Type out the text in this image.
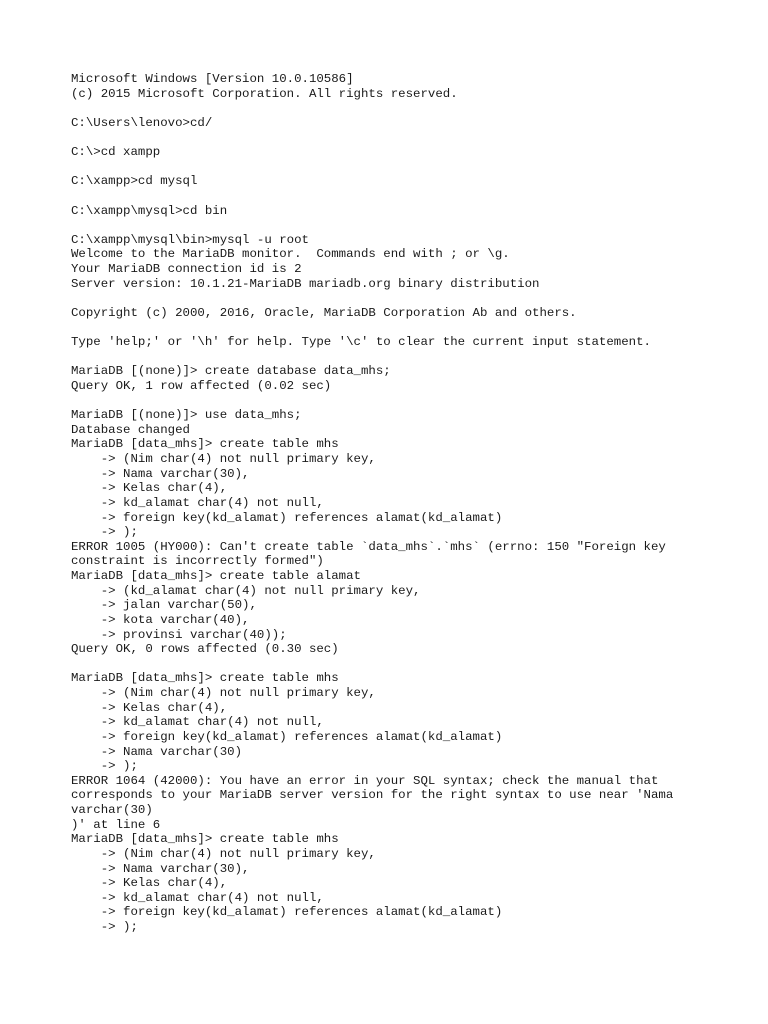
Microsoft Windows [Version 10.0.10586]
(c) 2015 Microsoft Corporation. All rights reserved.
C:\Users\lenovo>cd/
C:\>cd xampp
C:\xampp>cd mysql
C:\xampp\mysql>cd bin
C:\xampp\mysql\bin>mysql -u root
Welcome to the MariaDB monitor.  Commands end with ; or \g.
Your MariaDB connection id is 2
Server version: 10.1.21-MariaDB mariadb.org binary distribution
Copyright (c) 2000, 2016, Oracle, MariaDB Corporation Ab and others.
Type 'help;' or '\h' for help. Type '\c' to clear the current input statement.
MariaDB [(none)]> create database data_mhs;
Query OK, 1 row affected (0.02 sec)
MariaDB [(none)]> use data_mhs;
Database changed
MariaDB [data_mhs]> create table mhs
-> (Nim char(4) not null primary key,
-> Nama varchar(30),
-> Kelas char(4),
-> kd_alamat char(4) not null,
-> foreign key(kd_alamat) references alamat(kd_alamat)
-> );
ERROR 1005 (HY000): Can't create table `data_mhs`.`mhs` (errno: 150 "Foreign key
constraint is incorrectly formed")
MariaDB [data_mhs]> create table alamat
-> (kd_alamat char(4) not null primary key,
-> jalan varchar(50),
-> kota varchar(40),
-> provinsi varchar(40));
Query OK, 0 rows affected (0.30 sec)
MariaDB [data_mhs]> create table mhs
-> (Nim char(4) not null primary key,
-> Kelas char(4),
-> kd_alamat char(4) not null,
-> foreign key(kd_alamat) references alamat(kd_alamat)
-> Nama varchar(30)
-> );
ERROR 1064 (42000): You have an error in your SQL syntax; check the manual that
corresponds to your MariaDB server version for the right syntax to use near 'Nama
varchar(30)
)' at line 6
MariaDB [data_mhs]> create table mhs
-> (Nim char(4) not null primary key,
-> Nama varchar(30),
-> Kelas char(4),
-> kd_alamat char(4) not null,
-> foreign key(kd_alamat) references alamat(kd_alamat)
-> );
